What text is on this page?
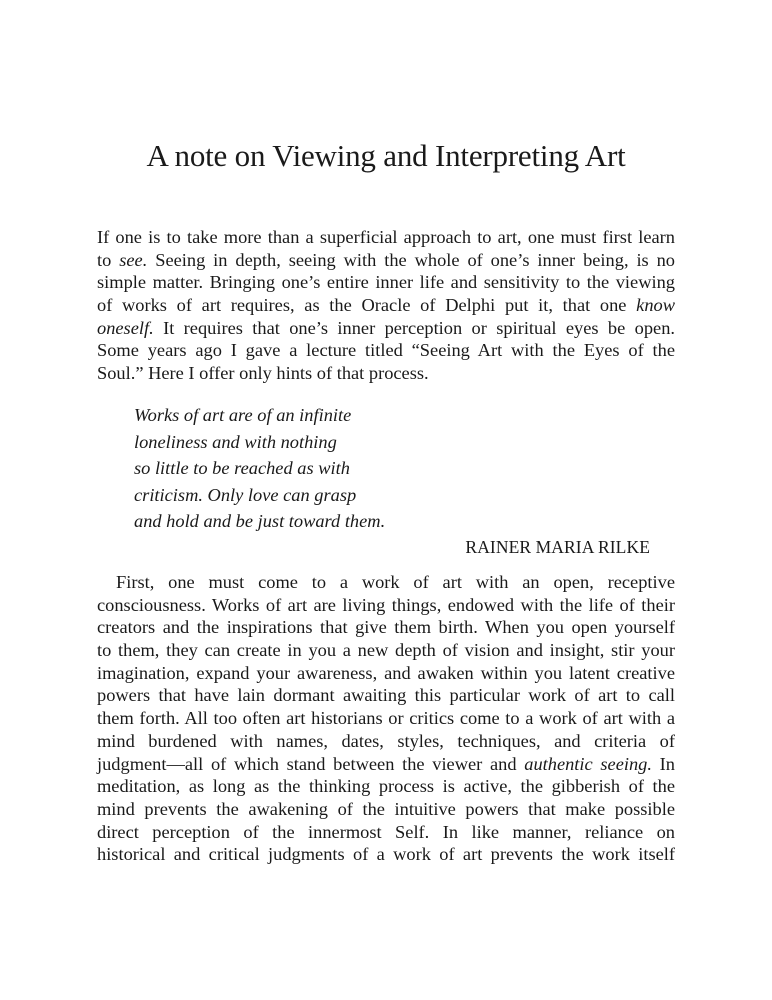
A note on Viewing and Interpreting Art
If one is to take more than a superficial approach to art, one must first learn
to see. Seeing in depth, seeing with the whole of one’s inner being, is no
simple matter. Bringing one’s entire inner life and sensitivity to the viewing
of works of art requires, as the Oracle of Delphi put it, that one know
oneself. It requires that one’s inner perception or spiritual eyes be open.
Some years ago I gave a lecture titled “Seeing Art with the Eyes of the
Soul.” Here I offer only hints of that process.
Works of art are of an infinite
loneliness and with nothing
so little to be reached as with
criticism. Only love can grasp
and hold and be just toward them.
RAINER MARIA RILKE
First, one must come to a work of art with an open, receptive
consciousness. Works of art are living things, endowed with the life of their
creators and the inspirations that give them birth. When you open yourself
to them, they can create in you a new depth of vision and insight, stir your
imagination, expand your awareness, and awaken within you latent creative
powers that have lain dormant awaiting this particular work of art to call
them forth. All too often art historians or critics come to a work of art with a
mind burdened with names, dates, styles, techniques, and criteria of
judgment—all of which stand between the viewer and authentic seeing. In
meditation, as long as the thinking process is active, the gibberish of the
mind prevents the awakening of the intuitive powers that make possible
direct perception of the innermost Self. In like manner, reliance on
historical and critical judgments of a work of art prevents the work itself
